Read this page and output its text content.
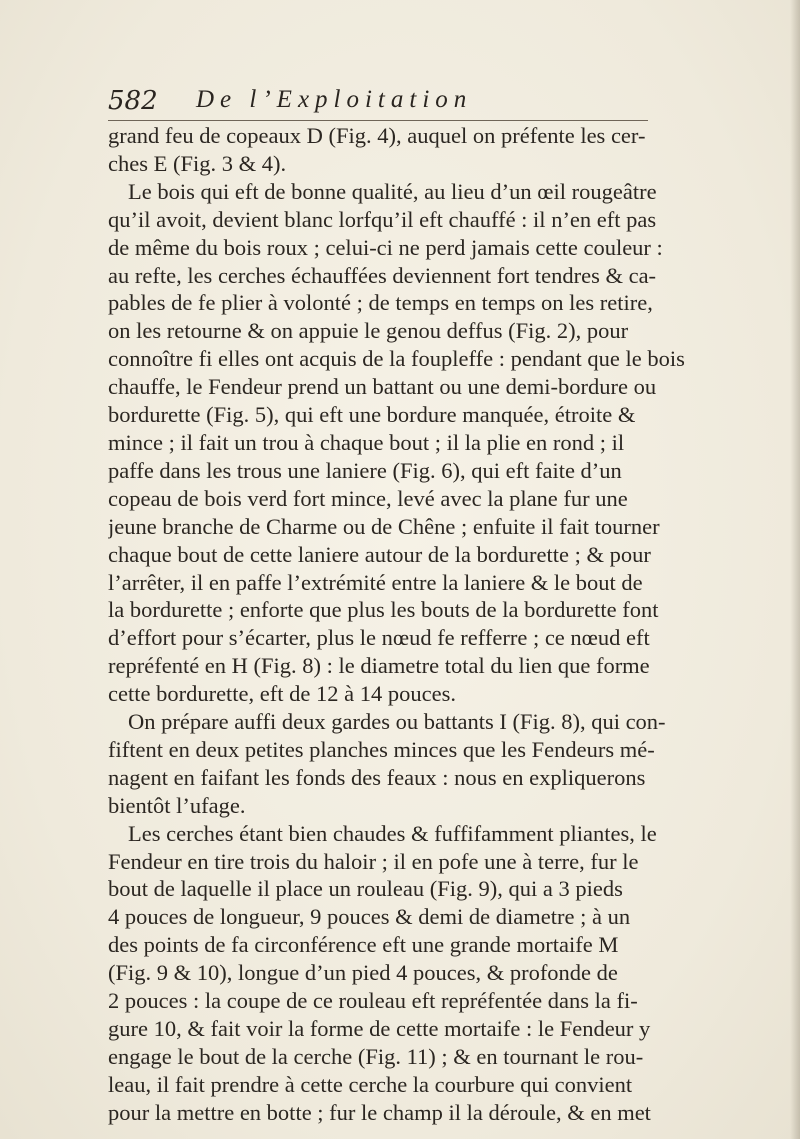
582 De l’Exploitation
grand feu de copeaux D (Fig. 4), auquel on préfente les cer-
ches E (Fig. 3 & 4).
Le bois qui eft de bonne qualité, au lieu d’un œil rougeâtre
qu’il avoit, devient blanc lorfqu’il eft chauffé : il n’en eft pas
de même du bois roux ; celui-ci ne perd jamais cette couleur :
au refte, les cerches échauffées deviennent fort tendres & ca-
pables de fe plier à volonté ; de temps en temps on les retire,
on les retourne & on appuie le genou deffus (Fig. 2), pour
connoître fi elles ont acquis de la foupleffe : pendant que le bois
chauffe, le Fendeur prend un battant ou une demi-bordure ou
bordurette (Fig. 5), qui eft une bordure manquée, étroite &
mince ; il fait un trou à chaque bout ; il la plie en rond ; il
paffe dans les trous une laniere (Fig. 6), qui eft faite d’un
copeau de bois verd fort mince, levé avec la plane fur une
jeune branche de Charme ou de Chêne ; enfuite il fait tourner
chaque bout de cette laniere autour de la bordurette ; & pour
l’arrêter, il en paffe l’extrémité entre la laniere & le bout de
la bordurette ; enforte que plus les bouts de la bordurette font
d’effort pour s’écarter, plus le nœud fe refferre ; ce nœud eft
repréfenté en H (Fig. 8) : le diametre total du lien que forme
cette bordurette, eft de 12 à 14 pouces.
On prépare auffi deux gardes ou battants I (Fig. 8), qui con-
fiftent en deux petites planches minces que les Fendeurs mé-
nagent en faifant les fonds des feaux : nous en expliquerons
bientôt l’ufage.
Les cerches étant bien chaudes & fuffifamment pliantes, le
Fendeur en tire trois du haloir ; il en pofe une à terre, fur le
bout de laquelle il place un rouleau (Fig. 9), qui a 3 pieds
4 pouces de longueur, 9 pouces & demi de diametre ; à un
des points de fa circonférence eft une grande mortaife M
(Fig. 9 & 10), longue d’un pied 4 pouces, & profonde de
2 pouces : la coupe de ce rouleau eft repréfentée dans la fi-
gure 10, & fait voir la forme de cette mortaife : le Fendeur y
engage le bout de la cerche (Fig. 11) ; & en tournant le rou-
leau, il fait prendre à cette cerche la courbure qui convient
pour la mettre en botte ; fur le champ il la déroule, & en met
